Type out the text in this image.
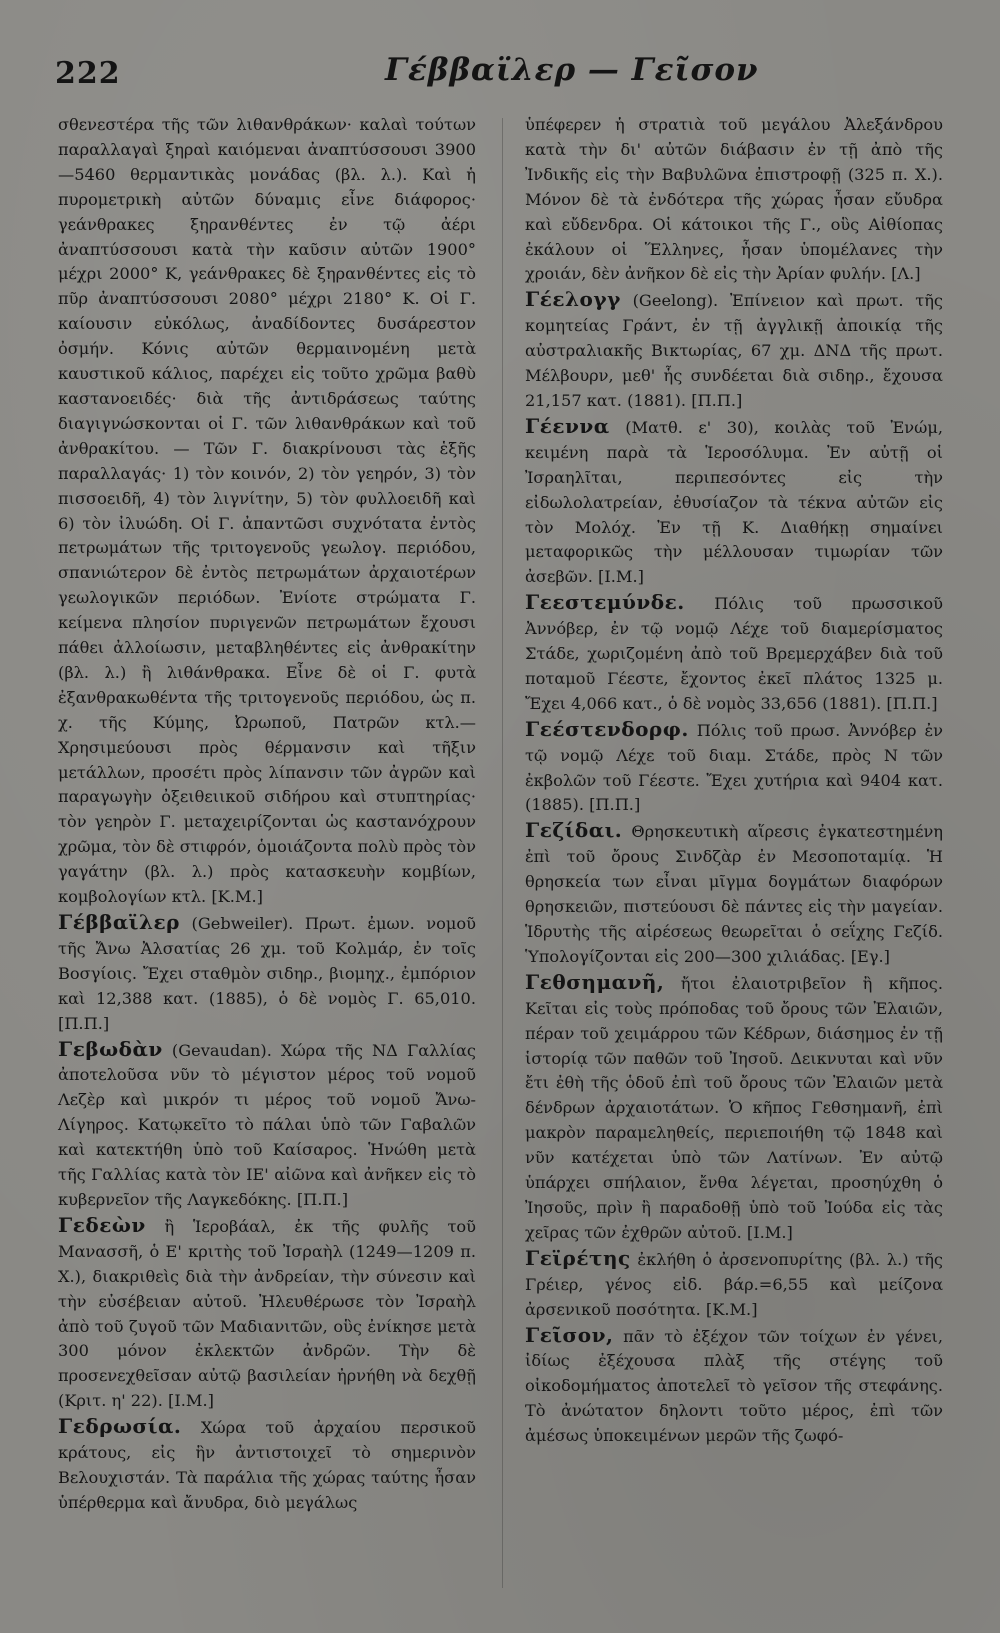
222	Γέββαϊλερ — Γεῖσον

σθενεστέρα τῆς τῶν λιθανθράκων· καλαὶ τούτων παραλλαγαὶ ξηραὶ καιόμεναι ἀναπτύσσουσι 3900—5460 θερμαντικὰς μονάδας (βλ. λ.). Καὶ ἡ πυρομετρικὴ αὐτῶν δύναμις εἶνε διάφορος· γεάνθρακες ξηρανθέντες ἐν τῷ ἀέρι ἀναπτύσσουσι κατὰ τὴν καῦσιν αὐτῶν 1900° μέχρι 2000° Κ, γεάνθρακες δὲ ξηρανθέντες εἰς τὸ πῦρ ἀναπτύσσουσι 2080° μέχρι 2180° Κ. Οἱ Γ. καίουσιν εὐκόλως, ἀναδίδοντες δυσάρεστον ὀσμήν. Κόνις αὐτῶν θερμαινομένη μετὰ καυστικοῦ κάλιος, παρέχει εἰς τοῦτο χρῶμα βαθὺ καστανοειδές· διὰ τῆς ἀντιδράσεως ταύτης διαγιγνώσκονται οἱ Γ. τῶν λιθανθράκων καὶ τοῦ ἀνθρακίτου. — Τῶν Γ. διακρίνουσι τὰς ἑξῆς παραλλαγάς· 1) τὸν κοινόν, 2) τὸν γεηρόν, 3) τὸν πισσοειδῆ, 4) τὸν λιγνίτην, 5) τὸν φυλλοειδῆ καὶ 6) τὸν ἰλυώδη. Οἱ Γ. ἀπαντῶσι συχνότατα ἐντὸς πετρωμάτων τῆς τριτογενοῦς γεωλογ. περιόδου, σπανιώτερον δὲ ἐντὸς πετρωμάτων ἀρχαιοτέρων γεωλογικῶν περιόδων. Ἐνίοτε στρώματα Γ. κείμενα πλησίον πυριγενῶν πετρωμάτων ἔχουσι πάθει ἀλλοίωσιν, μεταβληθέντες εἰς ἀνθρακίτην (βλ. λ.) ἢ λιθάνθρακα. Εἶνε δὲ οἱ Γ. φυτὰ ἐξανθρακωθέντα τῆς τριτογενοῦς περιόδου, ὡς π. χ. τῆς Κύμης, Ὠρωποῦ, Πατρῶν κτλ.—Χρησιμεύουσι πρὸς θέρμανσιν καὶ τῆξιν μετάλλων, προσέτι πρὸς λίπανσιν τῶν ἀγρῶν καὶ παραγωγὴν ὀξειθειικοῦ σιδήρου καὶ στυπτηρίας· τὸν γεηρὸν Γ. μεταχειρίζονται ὡς καστανόχρουν χρῶμα, τὸν δὲ στιφρόν, ὁμοιάζοντα πολὺ πρὸς τὸν γαγάτην (βλ. λ.) πρὸς κατασκευὴν κομβίων, κομβολογίων κτλ. [Κ.Μ.]

Γέββαϊλερ (Gebweiler). Πρωτ. ἐμων. νομοῦ τῆς Ἄνω Ἀλσατίας 26 χμ. τοῦ Κολμάρ, ἐν τοῖς Βοσγίοις. Ἔχει σταθμὸν σιδηρ., βιομηχ., ἐμπόριον καὶ 12,388 κατ. (1885), ὁ δὲ νομὸς Γ. 65,010. [Π.Π.]

Γεβωδὰν (Gevaudan). Χώρα τῆς ΝΔ Γαλλίας ἀποτελοῦσα νῦν τὸ μέγιστον μέρος τοῦ νομοῦ Λεζὲρ καὶ μικρόν τι μέρος τοῦ νομοῦ Ἄνω-Λίγηρος. Κατῳκεῖτο τὸ πάλαι ὑπὸ τῶν Γαβαλῶν καὶ κατεκτήθη ὑπὸ τοῦ Καίσαρος. Ἡνώθη μετὰ τῆς Γαλλίας κατὰ τὸν ΙΕ' αἰῶνα καὶ ἀνῆκεν εἰς τὸ κυβερνεῖον τῆς Λαγκεδόκης. [Π.Π.]

Γεδεὼν ἢ Ἱεροβάαλ, ἐκ τῆς φυλῆς τοῦ Μανασσῆ, ὁ Ε' κριτὴς τοῦ Ἰσραὴλ (1249—1209 π. Χ.), διακριθεὶς διὰ τὴν ἀνδρείαν, τὴν σύνεσιν καὶ τὴν εὐσέβειαν αὐτοῦ. Ἠλευθέρωσε τὸν Ἰσραὴλ ἀπὸ τοῦ ζυγοῦ τῶν Μαδιανιτῶν, οὓς ἐνίκησε μετὰ 300 μόνον ἐκλεκτῶν ἀνδρῶν. Τὴν δὲ προσενεχθεῖσαν αὐτῷ βασιλείαν ἠρνήθη νὰ δεχθῇ (Κριτ. η' 22). [Ι.Μ.]

Γεδρωσία. Χώρα τοῦ ἀρχαίου περσικοῦ κράτους, εἰς ἣν ἀντιστοιχεῖ τὸ σημερινὸν Βελουχιστάν. Τὰ παράλια τῆς χώρας ταύτης ἦσαν ὑπέρθερμα καὶ ἄνυδρα, διὸ μεγάλως

ὑπέφερεν ἡ στρατιὰ τοῦ μεγάλου Ἀλεξάνδρου κατὰ τὴν δι' αὐτῶν διάβασιν ἐν τῇ ἀπὸ τῆς Ἰνδικῆς εἰς τὴν Βαβυλῶνα ἐπιστροφῇ (325 π. Χ.). Μόνον δὲ τὰ ἐνδότερα τῆς χώρας ἦσαν εὔυδρα καὶ εὔδενδρα. Οἱ κάτοικοι τῆς Γ., οὓς Αἰθίοπας ἐκάλουν οἱ Ἕλληνες, ἦσαν ὑπομέλανες τὴν χροιάν, δὲν ἀνῆκον δὲ εἰς τὴν Ἀρίαν φυλήν. [Λ.]

Γέελογγ (Geelong). Ἐπίνειον καὶ πρωτ. τῆς κομητείας Γράντ, ἐν τῇ ἀγγλικῇ ἀποικίᾳ τῆς αὐστραλιακῆς Βικτωρίας, 67 χμ. ΔΝΔ τῆς πρωτ. Μέλβουρν, μεθ' ἧς συνδέεται διὰ σιδηρ., ἔχουσα 21,157 κατ. (1881). [Π.Π.]

Γέεννα (Ματθ. ε' 30), κοιλὰς τοῦ Ἐνώμ, κειμένη παρὰ τὰ Ἱεροσόλυμα. Ἐν αὐτῇ οἱ Ἰσραηλῖται, περιπεσόντες εἰς τὴν εἰδωλολατρείαν, ἐθυσίαζον τὰ τέκνα αὐτῶν εἰς τὸν Μολόχ. Ἐν τῇ Κ. Διαθήκῃ σημαίνει μεταφορικῶς τὴν μέλλουσαν τιμωρίαν τῶν ἀσεβῶν. [Ι.Μ.]

Γεεστεμύνδε. Πόλις τοῦ πρωσσικοῦ Ἀννόβερ, ἐν τῷ νομῷ Λέχε τοῦ διαμερίσματος Στάδε, χωριζομένη ἀπὸ τοῦ Βρεμερχάβεν διὰ τοῦ ποταμοῦ Γέεστε, ἔχοντος ἐκεῖ πλάτος 1325 μ. Ἔχει 4,066 κατ., ὁ δὲ νομὸς 33,656 (1881). [Π.Π.]

Γεέστενδορφ. Πόλις τοῦ πρωσ. Ἀννόβερ ἐν τῷ νομῷ Λέχε τοῦ διαμ. Στάδε, πρὸς Ν τῶν ἐκβολῶν τοῦ Γέεστε. Ἔχει χυτήρια καὶ 9404 κατ. (1885). [Π.Π.]

Γεζίδαι. Θρησκευτικὴ αἵρεσις ἐγκατεστημένη ἐπὶ τοῦ ὄρους Σινδζὰρ ἐν Μεσοποταμίᾳ. Ἡ θρησκεία των εἶναι μῖγμα δογμάτων διαφόρων θρησκειῶν, πιστεύουσι δὲ πάντες εἰς τὴν μαγείαν. Ἱδρυτὴς τῆς αἱρέσεως θεωρεῖται ὁ σεΐχης Γεζίδ. Ὑπολογίζονται εἰς 200—300 χιλιάδας. [Εγ.]

Γεθσημανῆ, ἤτοι ἐλαιοτριβεῖον ἢ κῆπος. Κεῖται εἰς τοὺς πρόποδας τοῦ ὄρους τῶν Ἐλαιῶν, πέραν τοῦ χειμάρρου τῶν Κέδρων, διάσημος ἐν τῇ ἱστορίᾳ τῶν παθῶν τοῦ Ἰησοῦ. Δεικνυται καὶ νῦν ἔτι ἐθὴ τῆς ὁδοῦ ἐπὶ τοῦ ὄρους τῶν Ἐλαιῶν μετὰ δένδρων ἀρχαιοτάτων. Ὁ κῆπος Γεθσημανῆ, ἐπὶ μακρὸν παραμεληθείς, περιεποιήθη τῷ 1848 καὶ νῦν κατέχεται ὑπὸ τῶν Λατίνων. Ἐν αὐτῷ ὑπάρχει σπήλαιον, ἔνθα λέγεται, προσηύχθη ὁ Ἰησοῦς, πρὶν ἢ παραδοθῇ ὑπὸ τοῦ Ἰούδα εἰς τὰς χεῖρας τῶν ἐχθρῶν αὐτοῦ. [Ι.Μ.]

Γεϊρέτης ἐκλήθη ὁ ἀρσενοπυρίτης (βλ. λ.) τῆς Γρέιερ, γένος εἰδ. βάρ.=6,55 καὶ μείζονα ἀρσενικοῦ ποσότητα. [Κ.Μ.]

Γεῖσον, πᾶν τὸ ἐξέχον τῶν τοίχων ἐν γένει, ἰδίως ἐξέχουσα πλὰξ τῆς στέγης τοῦ οἰκοδομήματος ἀποτελεῖ τὸ γεῖσον τῆς στεφάνης. Τὸ ἀνώτατον δηλοντι τοῦτο μέρος, ἐπὶ τῶν ἀμέσως ὑποκειμένων μερῶν τῆς ζωφό-
